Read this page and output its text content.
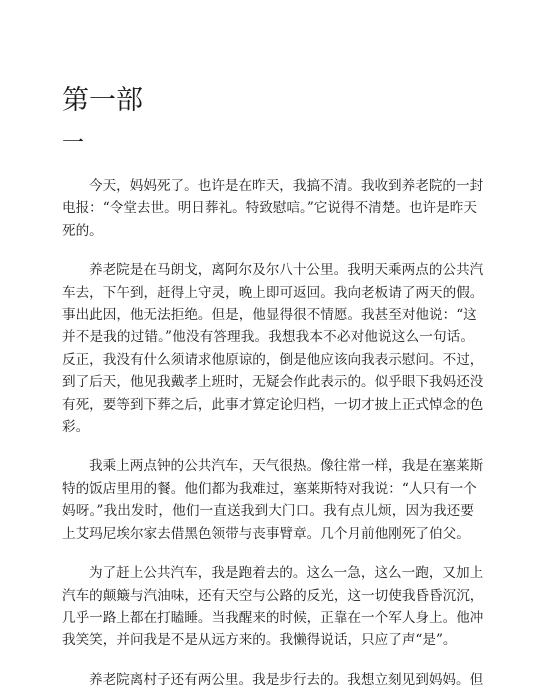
第一部
一

今天，妈妈死了。也许是在昨天，我搞不清。我收到养老院的一封
电报：“令堂去世。明日葬礼。特致慰唁。”它说得不清楚。也许是昨天
死的。

养老院是在马朗戈，离阿尔及尔八十公里。我明天乘两点的公共汽
车去，下午到，赶得上守灵，晚上即可返回。我向老板请了两天的假。
事出此因，他无法拒绝。但是，他显得很不情愿。我甚至对他说：“这
并不是我的过错。”他没有答理我。我想我本不必对他说这么一句话。
反正，我没有什么须请求他原谅的，倒是他应该向我表示慰问。不过，
到了后天，他见我戴孝上班时，无疑会作此表示的。似乎眼下我妈还没
有死，要等到下葬之后，此事才算定论归档，一切才披上正式悼念的色
彩。

我乘上两点钟的公共汽车，天气很热。像往常一样，我是在塞莱斯
特的饭店里用的餐。他们都为我难过，塞莱斯特对我说：“人只有一个
妈呀。”我出发时，他们一直送我到大门口。我有点儿烦，因为我还要
上艾玛尼埃尔家去借黑色领带与丧事臂章。几个月前他刚死了伯父。

为了赶上公共汽车，我是跑着去的。这么一急，这么一跑，又加上
汽车的颠簸与汽油味，还有天空与公路的反光，这一切使我昏昏沉沉，
几乎一路上都在打瞌睡。当我醒来的时候，正靠在一个军人身上。他冲
我笑笑，并问我是不是从远方来的。我懒得说话，只应了声“是”。

养老院离村子还有两公里。我是步行去的。我想立刻见到妈妈。但
